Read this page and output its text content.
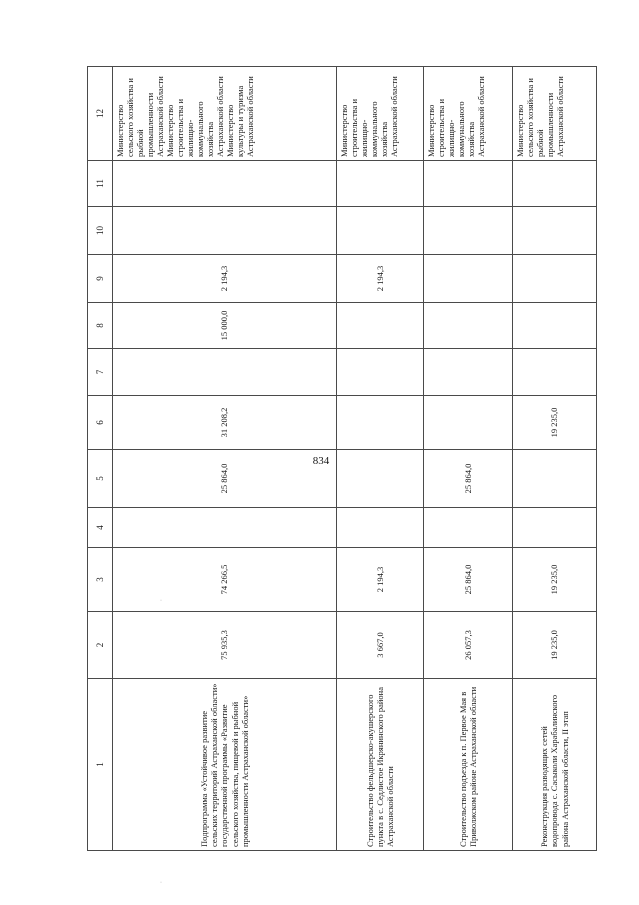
834
1	2	3	4	5	6	7	8	9	10	11	12
Подпрограмма «Устойчивое развитие сельских территорий Астраханской области» государственной программы «Развитие сельского хозяйства, пищевой и рыбной промышленности Астраханской области»	75 935,3	74 266,5		25 864,0	31 208,2		15 000,0	2 194,3			Министерство сельского хозяйства и рыбной промышленности Астраханской области Министерство строительства и жилищно-коммунального хозяйства Астраханской области Министерство культуры и туризма Астраханской области
Строительство фельдшерско-акушерского пункта в с. Седлистое Икрянинского района Астраханской области	3 667,0	2 194,3						2 194,3			Министерство строительства и жилищно-коммунального хозяйства Астраханской области
Строительство подъезда к п. Первое Мая в Приволжском районе Астраханской области	26 057,3	25 864,0		25 864,0							Министерство строительства и жилищно-коммунального хозяйства Астраханской области
Реконструкция разводящих сетей водопровода с. Сасыколи Харабалинского района Астраханской области, II этап	19 235,0	19 235,0			19 235,0						Министерство сельского хозяйства и рыбной промышленности Астраханской области
·
·
